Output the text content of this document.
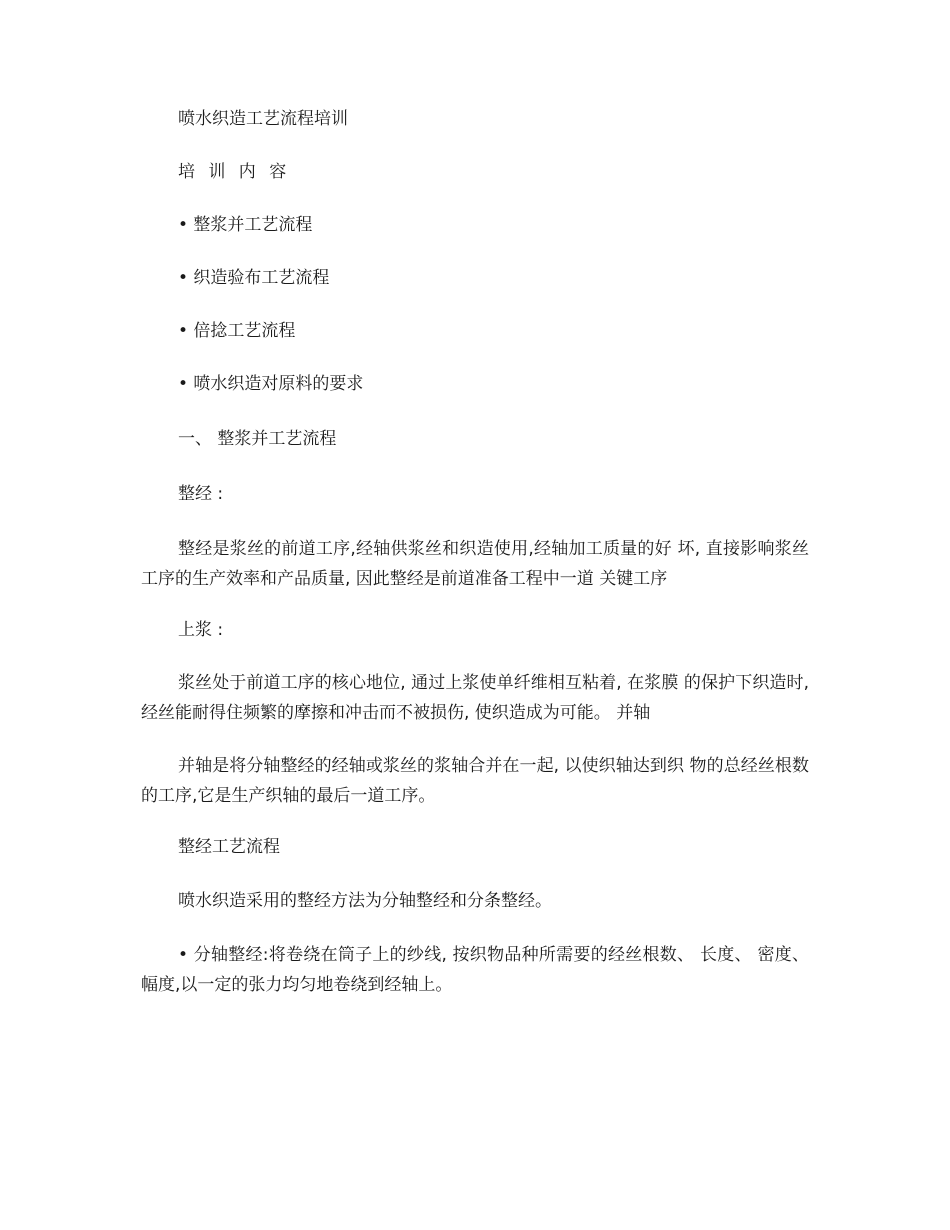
喷水织造工艺流程培训

培 训 内 容

• 整浆并工艺流程

• 织造验布工艺流程

• 倍捻工艺流程

• 喷水织造对原料的要求

一、 整浆并工艺流程

整经 :

整经是浆丝的前道工序,经轴供浆丝和织造使用,经轴加工质量的好 坏, 直接影响浆丝工序的生产效率和产品质量, 因此整经是前道准备工程中一道 关键工序

上浆 :

浆丝处于前道工序的核心地位, 通过上浆使单纤维相互粘着, 在浆膜 的保护下织造时, 经丝能耐得住频繁的摩擦和冲击而不被损伤, 使织造成为可能。 并轴

并轴是将分轴整经的经轴或浆丝的浆轴合并在一起, 以使织轴达到织 物的总经丝根数的工序,它是生产织轴的最后一道工序。

整经工艺流程

喷水织造采用的整经方法为分轴整经和分条整经。

• 分轴整经:将卷绕在筒子上的纱线, 按织物品种所需要的经丝根数、 长度、 密度、幅度,以一定的张力均匀地卷绕到经轴上。
